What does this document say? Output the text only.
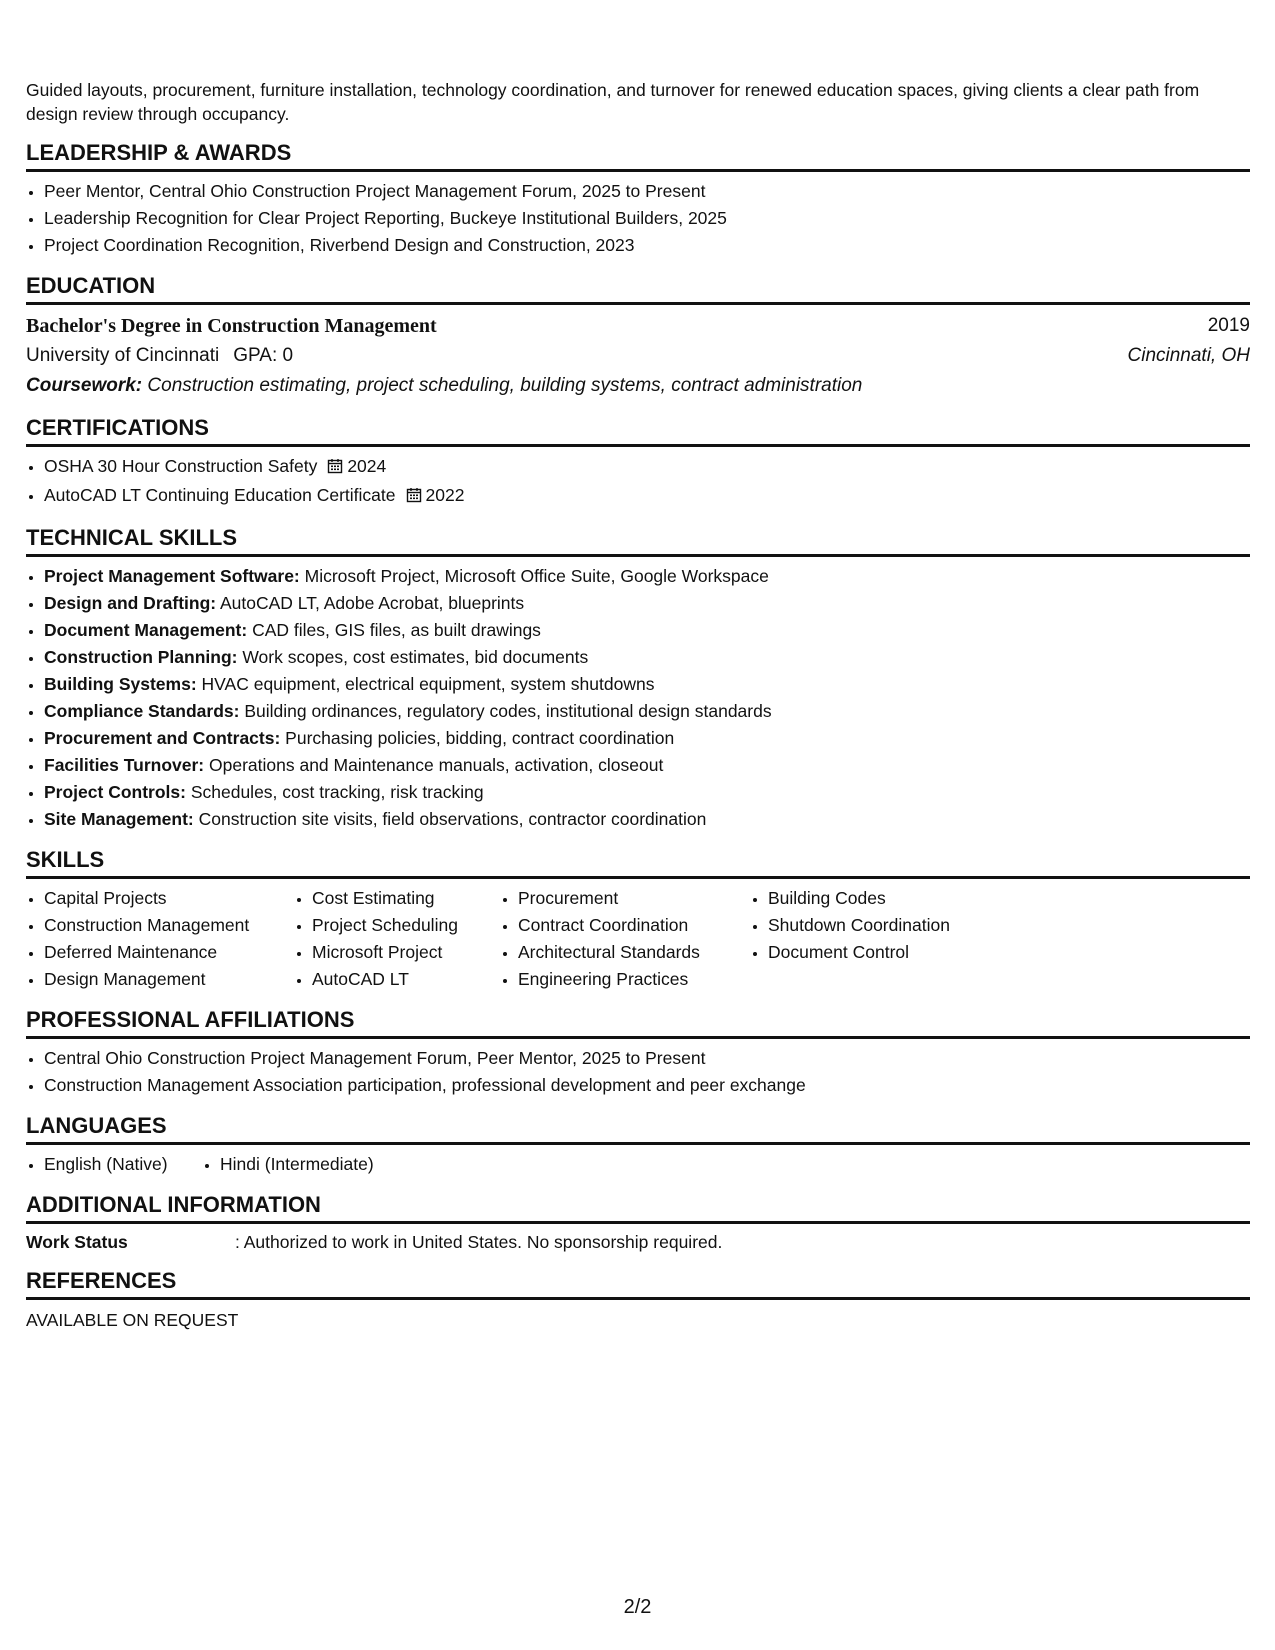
Guided layouts, procurement, furniture installation, technology coordination, and turnover for renewed education spaces, giving clients a clear path from design review through occupancy.

LEADERSHIP & AWARDS
• Peer Mentor, Central Ohio Construction Project Management Forum, 2025 to Present
• Leadership Recognition for Clear Project Reporting, Buckeye Institutional Builders, 2025
• Project Coordination Recognition, Riverbend Design and Construction, 2023
EDUCATION
Bachelor's Degree in Construction Management	2019
University of Cincinnati GPA: 0	Cincinnati, OH
Coursework: Construction estimating, project scheduling, building systems, contract administration
CERTIFICATIONS
• OSHA 30 Hour Construction Safety 2024
• AutoCAD LT Continuing Education Certificate 2022
TECHNICAL SKILLS
• Project Management Software: Microsoft Project, Microsoft Office Suite, Google Workspace
• Design and Drafting: AutoCAD LT, Adobe Acrobat, blueprints
• Document Management: CAD files, GIS files, as built drawings
• Construction Planning: Work scopes, cost estimates, bid documents
• Building Systems: HVAC equipment, electrical equipment, system shutdowns
• Compliance Standards: Building ordinances, regulatory codes, institutional design standards
• Procurement and Contracts: Purchasing policies, bidding, contract coordination
• Facilities Turnover: Operations and Maintenance manuals, activation, closeout
• Project Controls: Schedules, cost tracking, risk tracking
• Site Management: Construction site visits, field observations, contractor coordination
SKILLS
• Capital Projects
• Construction Management
• Deferred Maintenance
• Design Management
• Cost Estimating
• Project Scheduling
• Microsoft Project
• AutoCAD LT
• Procurement
• Contract Coordination
• Architectural Standards
• Engineering Practices
• Building Codes
• Shutdown Coordination
• Document Control
PROFESSIONAL AFFILIATIONS
• Central Ohio Construction Project Management Forum, Peer Mentor, 2025 to Present
• Construction Management Association participation, professional development and peer exchange
LANGUAGES
• English (Native)
•	Hindi (Intermediate)
ADDITIONAL INFORMATION
Work Status	: Authorized to work in United States. No sponsorship required.
REFERENCES
AVAILABLE ON REQUEST
2/2
